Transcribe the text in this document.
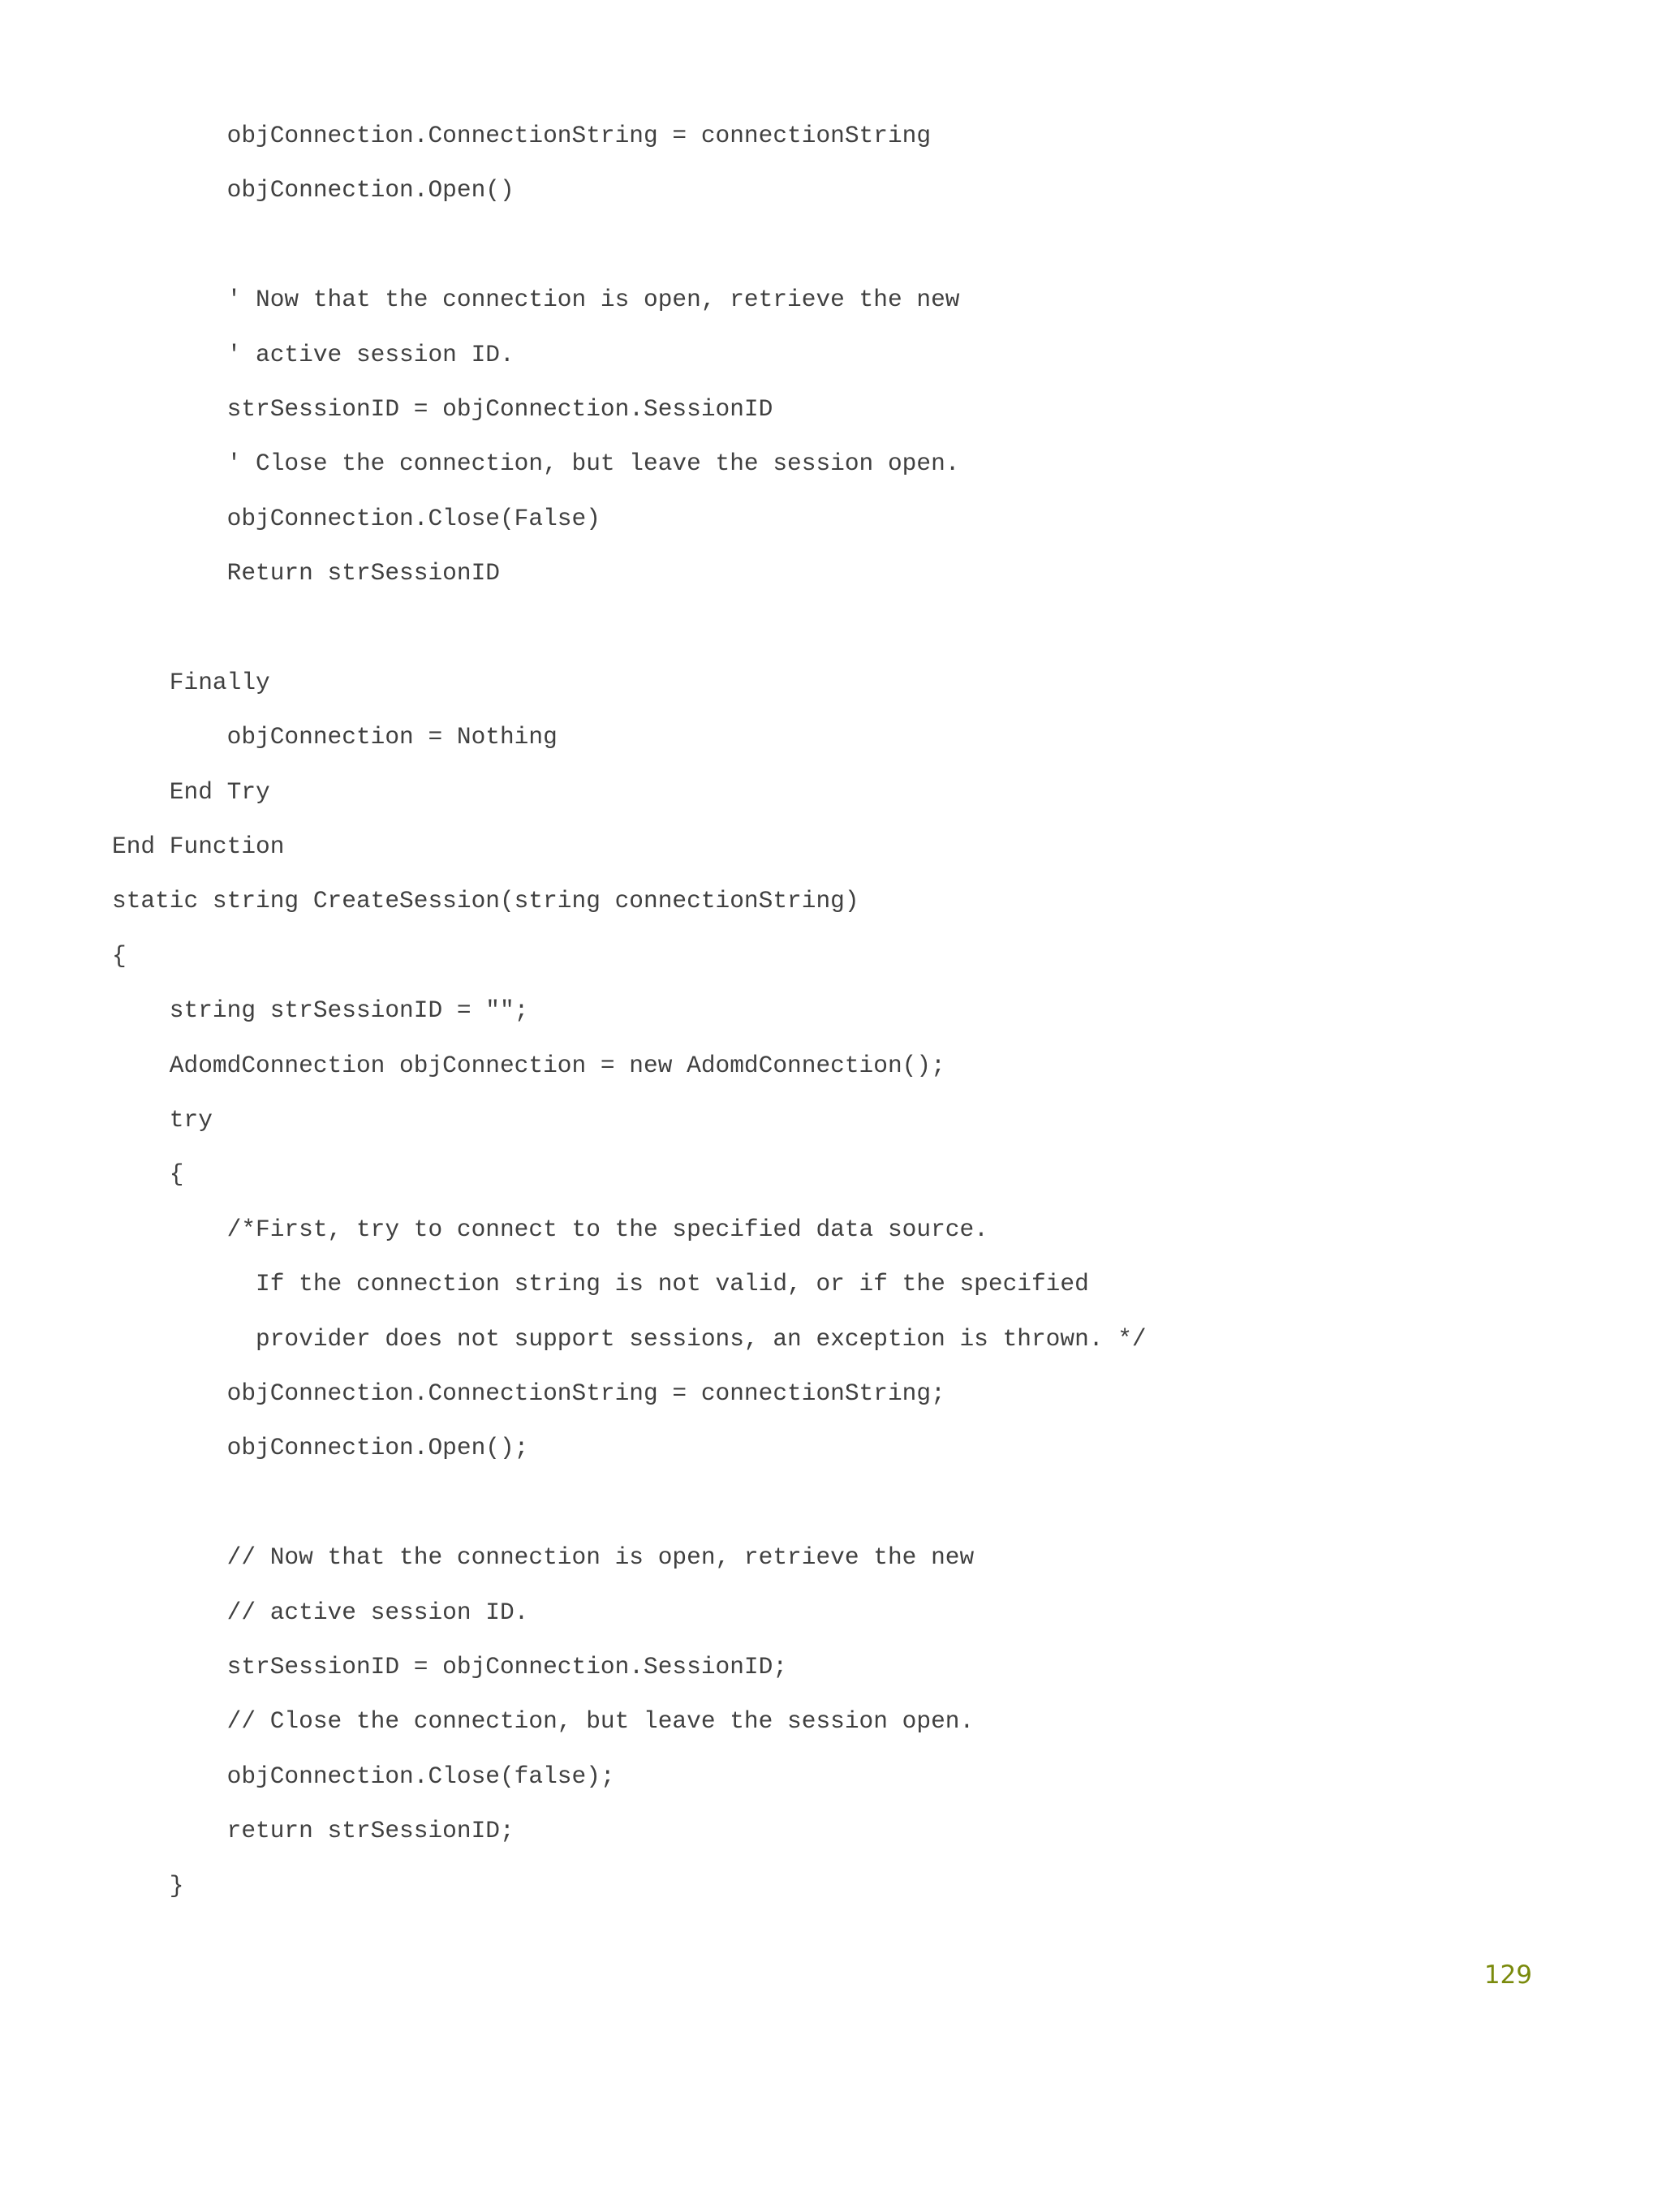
objConnection.ConnectionString = connectionString
objConnection.Open()
' Now that the connection is open, retrieve the new
' active session ID.
strSessionID = objConnection.SessionID
' Close the connection, but leave the session open.
objConnection.Close(False)
Return strSessionID
Finally
objConnection = Nothing
End Try
End Function
static string CreateSession(string connectionString)
{
string strSessionID = "";
AdomdConnection objConnection = new AdomdConnection();
try
{
/*First, try to connect to the specified data source.
If the connection string is not valid, or if the specified
provider does not support sessions, an exception is thrown. */
objConnection.ConnectionString = connectionString;
objConnection.Open();
// Now that the connection is open, retrieve the new
// active session ID.
strSessionID = objConnection.SessionID;
// Close the connection, but leave the session open.
objConnection.Close(false);
return strSessionID;
}
129
